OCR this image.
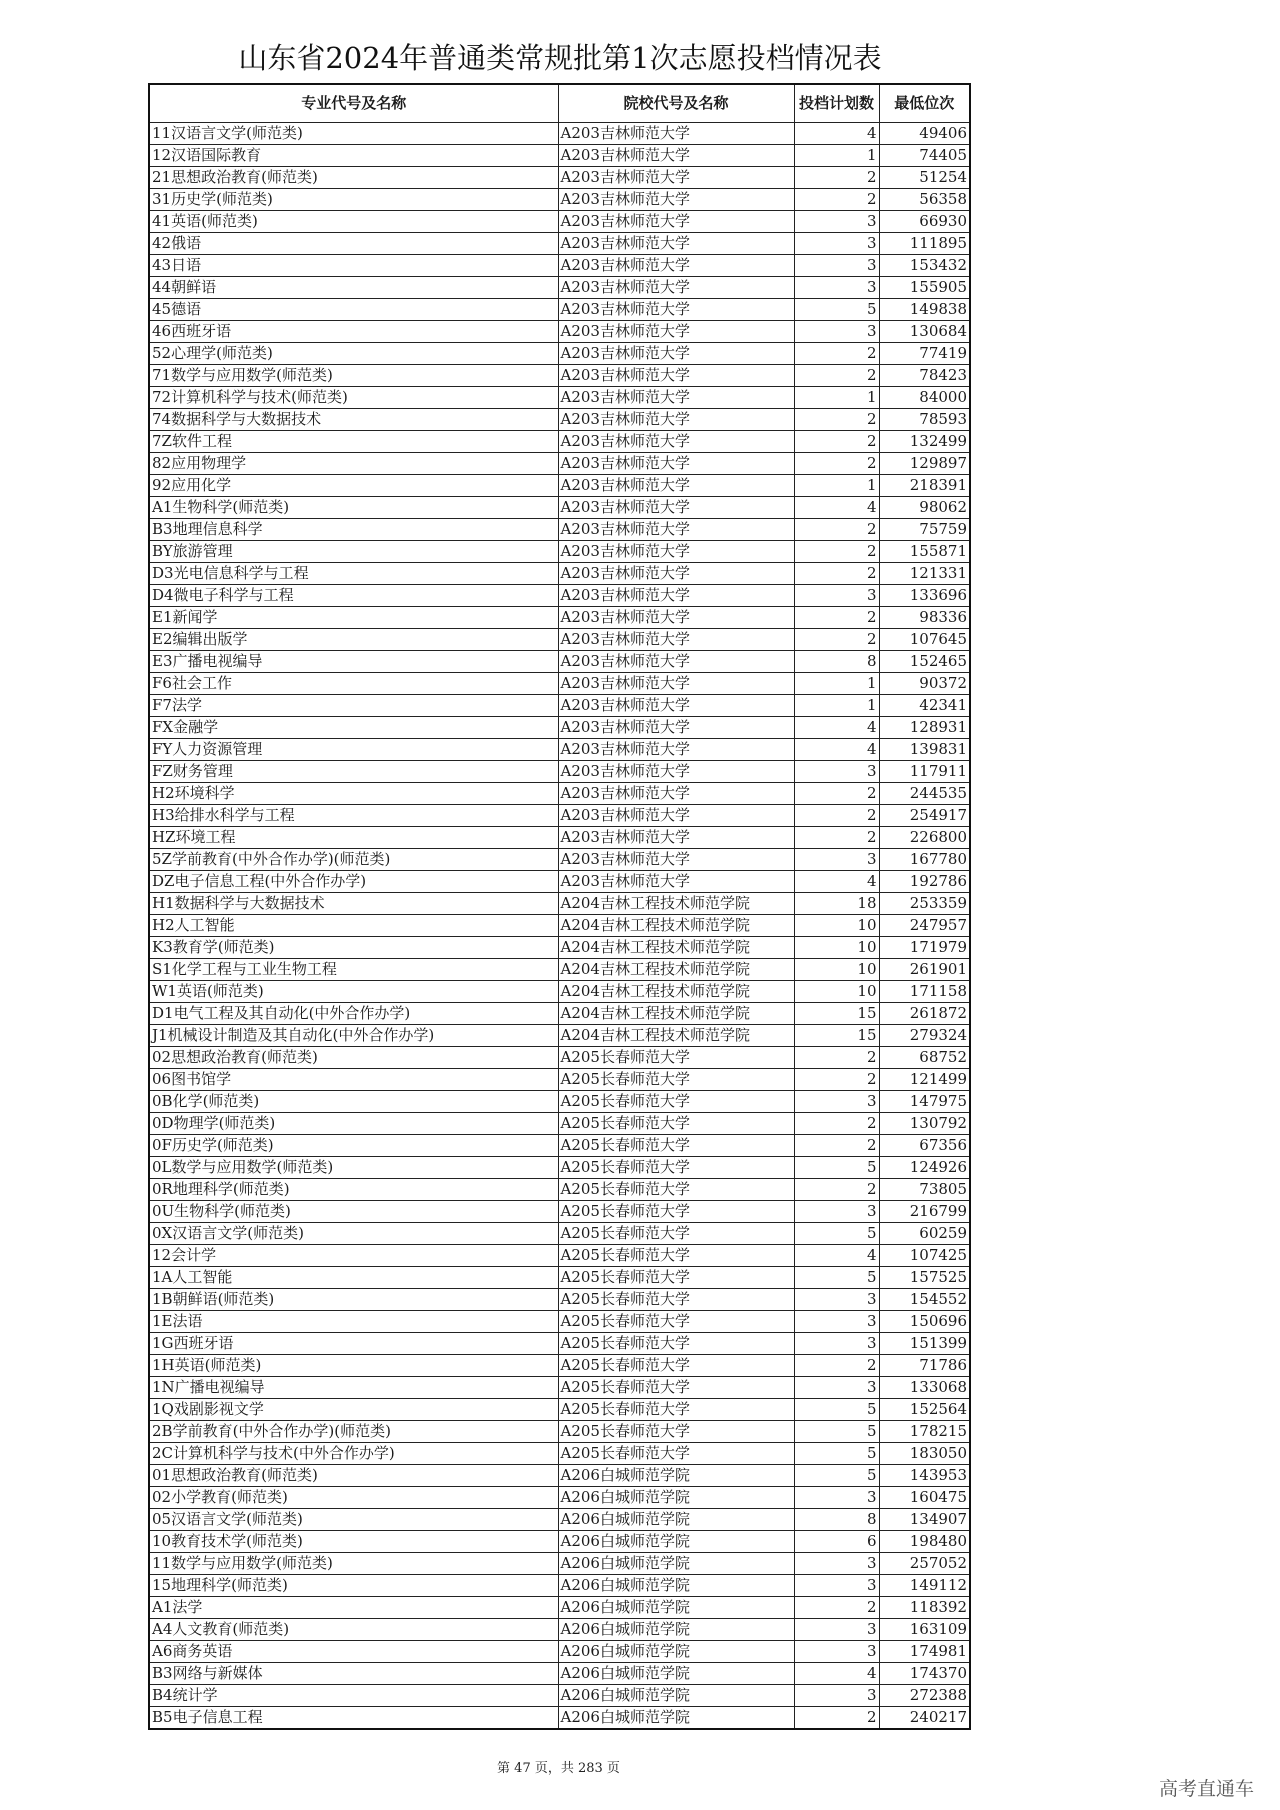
山东省2024年普通类常规批第1次志愿投档情况表
专业代号及名称	院校代号及名称	投档计划数	最低位次
11汉语言文学(师范类)	A203吉林师范大学	4	49406
12汉语国际教育	A203吉林师范大学	1	74405
21思想政治教育(师范类)	A203吉林师范大学	2	51254
31历史学(师范类)	A203吉林师范大学	2	56358
41英语(师范类)	A203吉林师范大学	3	66930
42俄语	A203吉林师范大学	3	111895
43日语	A203吉林师范大学	3	153432
44朝鲜语	A203吉林师范大学	3	155905
45德语	A203吉林师范大学	5	149838
46西班牙语	A203吉林师范大学	3	130684
52心理学(师范类)	A203吉林师范大学	2	77419
71数学与应用数学(师范类)	A203吉林师范大学	2	78423
72计算机科学与技术(师范类)	A203吉林师范大学	1	84000
74数据科学与大数据技术	A203吉林师范大学	2	78593
7Z软件工程	A203吉林师范大学	2	132499
82应用物理学	A203吉林师范大学	2	129897
92应用化学	A203吉林师范大学	1	218391
A1生物科学(师范类)	A203吉林师范大学	4	98062
B3地理信息科学	A203吉林师范大学	2	75759
BY旅游管理	A203吉林师范大学	2	155871
D3光电信息科学与工程	A203吉林师范大学	2	121331
D4微电子科学与工程	A203吉林师范大学	3	133696
E1新闻学	A203吉林师范大学	2	98336
E2编辑出版学	A203吉林师范大学	2	107645
E3广播电视编导	A203吉林师范大学	8	152465
F6社会工作	A203吉林师范大学	1	90372
F7法学	A203吉林师范大学	1	42341
FX金融学	A203吉林师范大学	4	128931
FY人力资源管理	A203吉林师范大学	4	139831
FZ财务管理	A203吉林师范大学	3	117911
H2环境科学	A203吉林师范大学	2	244535
H3给排水科学与工程	A203吉林师范大学	2	254917
HZ环境工程	A203吉林师范大学	2	226800
5Z学前教育(中外合作办学)(师范类)	A203吉林师范大学	3	167780
DZ电子信息工程(中外合作办学)	A203吉林师范大学	4	192786
H1数据科学与大数据技术	A204吉林工程技术师范学院	18	253359
H2人工智能	A204吉林工程技术师范学院	10	247957
K3教育学(师范类)	A204吉林工程技术师范学院	10	171979
S1化学工程与工业生物工程	A204吉林工程技术师范学院	10	261901
W1英语(师范类)	A204吉林工程技术师范学院	10	171158
D1电气工程及其自动化(中外合作办学)	A204吉林工程技术师范学院	15	261872
J1机械设计制造及其自动化(中外合作办学)	A204吉林工程技术师范学院	15	279324
02思想政治教育(师范类)	A205长春师范大学	2	68752
06图书馆学	A205长春师范大学	2	121499
0B化学(师范类)	A205长春师范大学	3	147975
0D物理学(师范类)	A205长春师范大学	2	130792
0F历史学(师范类)	A205长春师范大学	2	67356
0L数学与应用数学(师范类)	A205长春师范大学	5	124926
0R地理科学(师范类)	A205长春师范大学	2	73805
0U生物科学(师范类)	A205长春师范大学	3	216799
0X汉语言文学(师范类)	A205长春师范大学	5	60259
12会计学	A205长春师范大学	4	107425
1A人工智能	A205长春师范大学	5	157525
1B朝鲜语(师范类)	A205长春师范大学	3	154552
1E法语	A205长春师范大学	3	150696
1G西班牙语	A205长春师范大学	3	151399
1H英语(师范类)	A205长春师范大学	2	71786
1N广播电视编导	A205长春师范大学	3	133068
1Q戏剧影视文学	A205长春师范大学	5	152564
2B学前教育(中外合作办学)(师范类)	A205长春师范大学	5	178215
2C计算机科学与技术(中外合作办学)	A205长春师范大学	5	183050
01思想政治教育(师范类)	A206白城师范学院	5	143953
02小学教育(师范类)	A206白城师范学院	3	160475
05汉语言文学(师范类)	A206白城师范学院	8	134907
10教育技术学(师范类)	A206白城师范学院	6	198480
11数学与应用数学(师范类)	A206白城师范学院	3	257052
15地理科学(师范类)	A206白城师范学院	3	149112
A1法学	A206白城师范学院	2	118392
A4人文教育(师范类)	A206白城师范学院	3	163109
A6商务英语	A206白城师范学院	3	174981
B3网络与新媒体	A206白城师范学院	4	174370
B4统计学	A206白城师范学院	3	272388
B5电子信息工程	A206白城师范学院	2	240217
第 47 页，共 283 页
高考直通车
